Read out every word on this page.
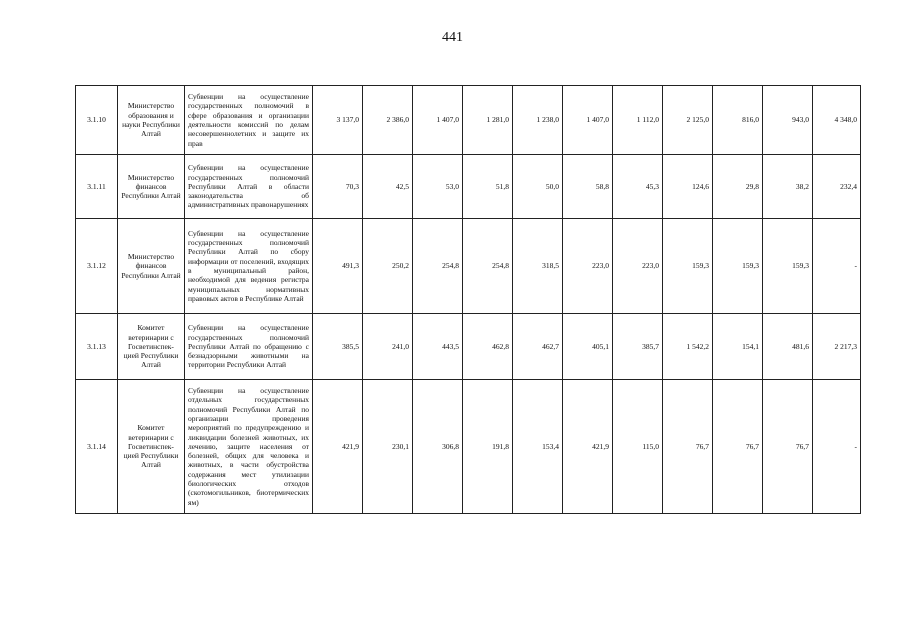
441
3.1.10	Министерство образования и науки Республики Алтай	Субвенции на осуществление государственных полномочий в сфере образования и организации деятельности комиссий по делам несовершеннолетних и защите их прав	3 137,0	2 386,0	1 407,0	1 281,0	1 238,0	1 407,0	1 112,0	2 125,0	816,0	943,0	4 348,0
3.1.11	Министерство финансов Республики Алтай	Субвенции на осуществление государственных полномочий Республики Алтай в области законодательства об административных правонарушениях	70,3	42,5	53,0	51,8	50,0	58,8	45,3	124,6	29,8	38,2	232,4
3.1.12	Министерство финансов Республики Алтай	Субвенции на осуществление государственных полномочий Республики Алтай по сбору информации от поселений, входящих в муниципальный район, необходимой для ведения регистра муниципальных нормативных правовых актов в Республике Алтай	491,3	250,2	254,8	254,8	318,5	223,0	223,0	159,3	159,3	159,3	-
3.1.13	Комитет ветеринарии с Госветинспек-цией Республики Алтай	Субвенции на осуществление государственных полномочий Республики Алтай по обращению с безнадзорными животными на территории Республики Алтай	385,5	241,0	443,5	462,8	462,7	405,1	385,7	1 542,2	154,1	481,6	2 217,3
3.1.14	Комитет ветеринарии с Госветинспек-цией Республики Алтай	Субвенции на осуществление отдельных государственных полномочий Республики Алтай по организации проведения мероприятий по предупреждению и ликвидации болезней животных, их лечению, защите населения от болезней, общих для человека и животных, в части обустройства содержания мест утилизации биологических отходов (скотомогильников, биотермических ям)	421,9	230,1	306,8	191,8	153,4	421,9	115,0	76,7	76,7	76,7	-
